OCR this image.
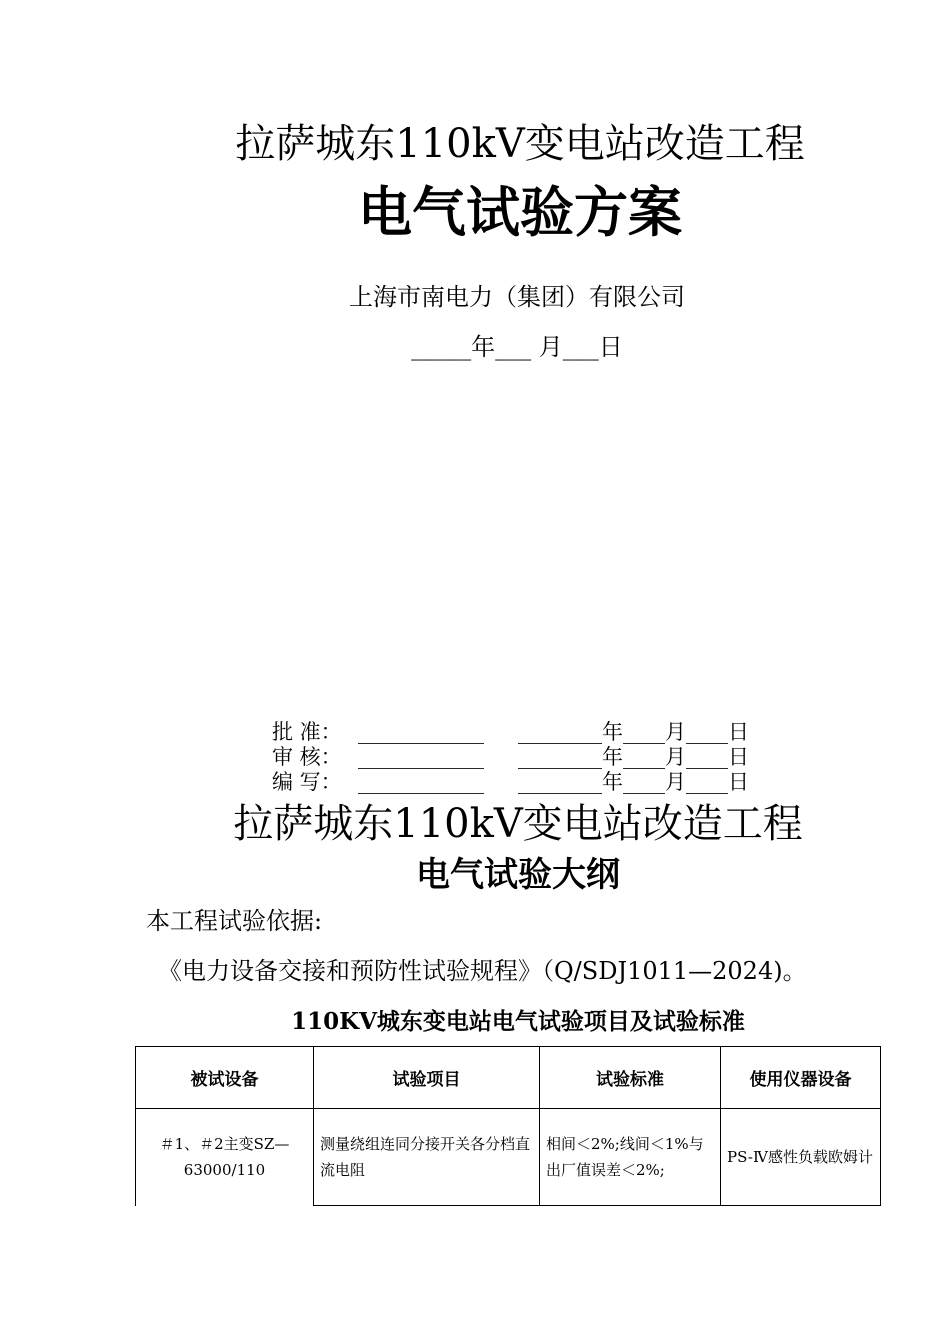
拉萨城东110kV变电站改造工程
电气试验方案
上海市南电力（集团）有限公司
_____年___ 月___日
批 准： ____________	________年____月____日
审 核： ____________	________年____月____日
编 写： ____________	________年____月____日
拉萨城东110kV变电站改造工程
电气试验大纲
本工程试验依据:
《电力设备交接和预防性试验规程》（Q/SDJ1011—2024)。
110KV城东变电站电气试验项目及试验标准
被试设备	试验项目	试验标准	使用仪器设备
＃1、＃2主变SZ—63000/110	测量绕组连同分接开关各分档直流电阻	相间＜2%;线间＜1%与出厂值误差＜2%;	PS-Ⅳ感性负载欧姆计
